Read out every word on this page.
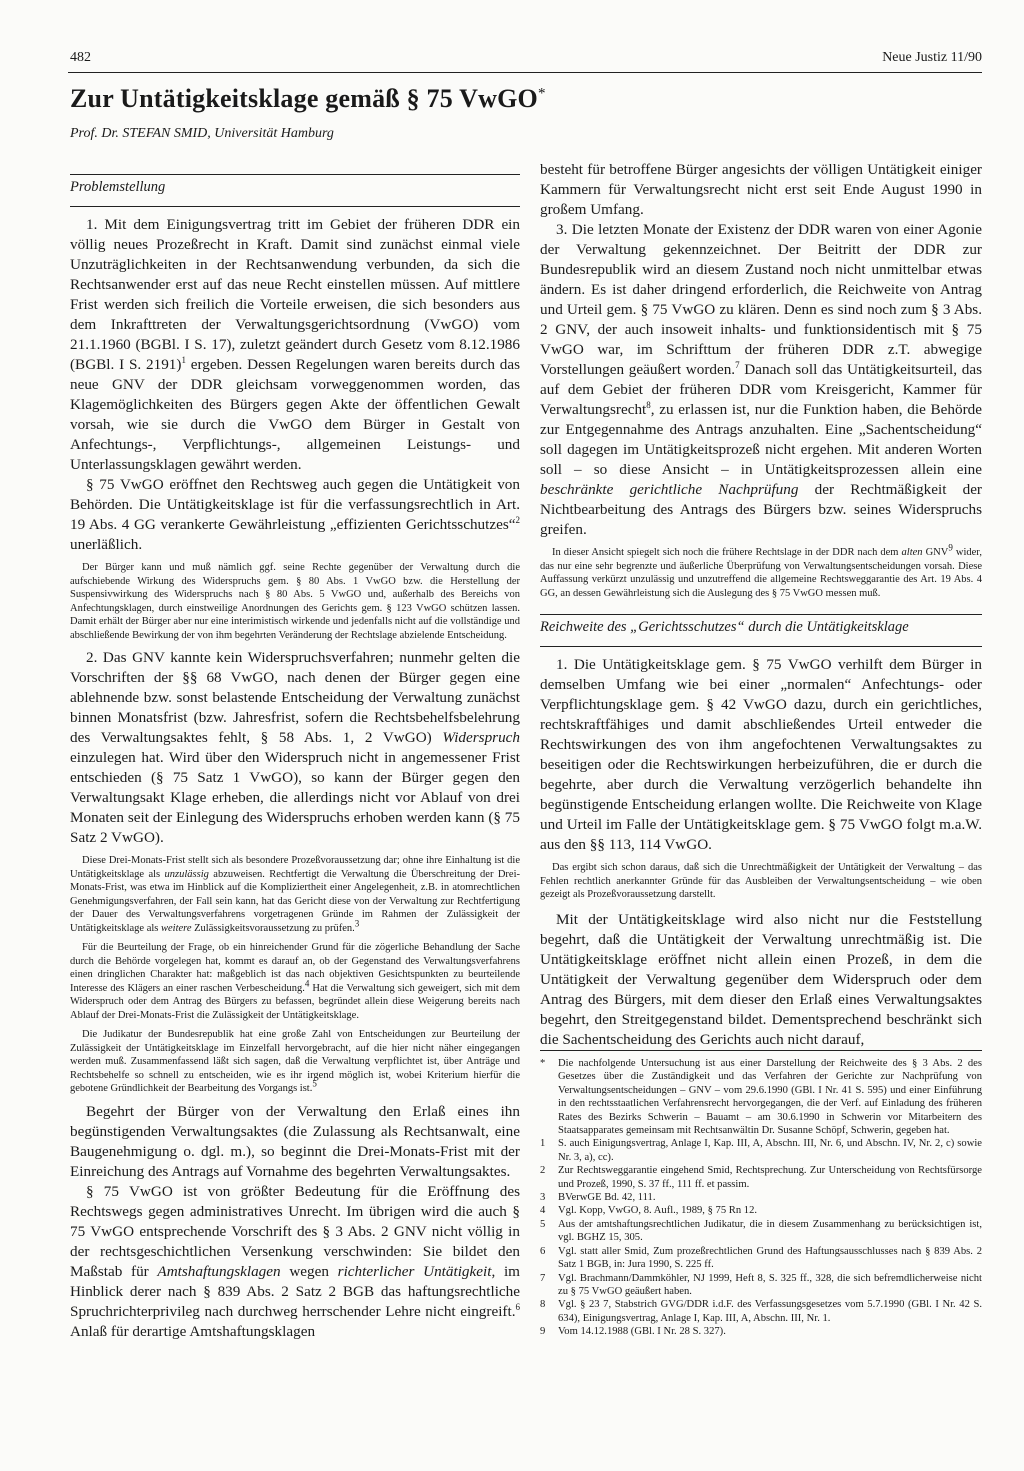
482	Neue Justiz 11/90
Zur Untätigkeitsklage gemäß § 75 VwGO*
Prof. Dr. STEFAN SMID, Universität Hamburg
Problemstellung

1. Mit dem Einigungsvertrag tritt im Gebiet der früheren DDR ein völlig neues Prozeßrecht in Kraft. Damit sind zunächst einmal viele Unzuträglichkeiten in der Rechtsanwendung verbunden, da sich die Rechtsanwender erst auf das neue Recht einstellen müssen. Auf mittlere Frist werden sich freilich die Vorteile erweisen, die sich besonders aus dem Inkrafttreten der Verwaltungsgerichtsordnung (VwGO) vom 21.1.1960 (BGBl. I S. 17), zuletzt geändert durch Gesetz vom 8.12.1986 (BGBl. I S. 2191)$^1$ ergeben. Dessen Regelungen waren bereits durch das neue GNV der DDR gleichsam vorweggenommen worden, das Klagemöglichkeiten des Bürgers gegen Akte der öffentlichen Gewalt vorsah, wie sie durch die VwGO dem Bürger in Gestalt von Anfechtungs-, Verpflichtungs-, allgemeinen Leistungs- und Unterlassungsklagen gewährt werden.

§ 75 VwGO eröffnet den Rechtsweg auch gegen die Untätigkeit von Behörden. Die Untätigkeitsklage ist für die verfassungsrechtlich in Art. 19 Abs. 4 GG verankerte Gewährleistung „effizienten Gerichtsschutzes“$^2$ unerläßlich.

Der Bürger kann und muß nämlich ggf. seine Rechte gegenüber der Verwaltung durch die aufschiebende Wirkung des Widerspruchs gem. § 80 Abs. 1 VwGO bzw. die Herstellung der Suspensivwirkung des Widerspruchs nach § 80 Abs. 5 VwGO und, außerhalb des Bereichs von Anfechtungsklagen, durch einstweilige Anordnungen des Gerichts gem. § 123 VwGO schützen lassen. Damit erhält der Bürger aber nur eine interimistisch wirkende und jedenfalls nicht auf die vollständige und abschließende Bewirkung der von ihm begehrten Veränderung der Rechtslage abzielende Entscheidung.

2. Das GNV kannte kein Widerspruchsverfahren; nunmehr gelten die Vorschriften der §§ 68 VwGO, nach denen der Bürger gegen eine ablehnende bzw. sonst belastende Entscheidung der Verwaltung zunächst binnen Monatsfrist (bzw. Jahresfrist, sofern die Rechtsbehelfsbelehrung des Verwaltungsaktes fehlt, § 58 Abs. 1, 2 VwGO) Widerspruch einzulegen hat. Wird über den Widerspruch nicht in angemessener Frist entschieden (§ 75 Satz 1 VwGO), so kann der Bürger gegen den Verwaltungsakt Klage erheben, die allerdings nicht vor Ablauf von drei Monaten seit der Einlegung des Widerspruchs erhoben werden kann (§ 75 Satz 2 VwGO).

Diese Drei-Monats-Frist stellt sich als besondere Prozeßvoraussetzung dar; ohne ihre Einhaltung ist die Untätigkeitsklage als unzulässig abzuweisen. Rechtfertigt die Verwaltung die Überschreitung der Drei-Monats-Frist, was etwa im Hinblick auf die Kompliziertheit einer Angelegenheit, z.B. in atomrechtlichen Genehmigungsverfahren, der Fall sein kann, hat das Gericht diese von der Verwaltung zur Rechtfertigung der Dauer des Verwaltungsverfahrens vorgetragenen Gründe im Rahmen der Zulässigkeit der Untätigkeitsklage als weitere Zulässigkeitsvoraussetzung zu prüfen.$^3$

Für die Beurteilung der Frage, ob ein hinreichender Grund für die zögerliche Behandlung der Sache durch die Behörde vorgelegen hat, kommt es darauf an, ob der Gegenstand des Verwaltungsverfahrens einen dringlichen Charakter hat: maßgeblich ist das nach objektiven Gesichtspunkten zu beurteilende Interesse des Klägers an einer raschen Verbescheidung.$^4$ Hat die Verwaltung sich geweigert, sich mit dem Widerspruch oder dem Antrag des Bürgers zu befassen, begründet allein diese Weigerung bereits nach Ablauf der Drei-Monats-Frist die Zulässigkeit der Untätigkeitsklage.

Die Judikatur der Bundesrepublik hat eine große Zahl von Entscheidungen zur Beurteilung der Zulässigkeit der Untätigkeitsklage im Einzelfall hervorgebracht, auf die hier nicht näher eingegangen werden muß. Zusammenfassend läßt sich sagen, daß die Verwaltung verpflichtet ist, über Anträge und Rechtsbehelfe so schnell zu entscheiden, wie es ihr irgend möglich ist, wobei Kriterium hierfür die gebotene Gründlichkeit der Bearbeitung des Vorgangs ist.$^5$

Begehrt der Bürger von der Verwaltung den Erlaß eines ihn begünstigenden Verwaltungsaktes (die Zulassung als Rechtsanwalt, eine Baugenehmigung o. dgl. m.), so beginnt die Drei-Monats-Frist mit der Einreichung des Antrags auf Vornahme des begehrten Verwaltungsaktes.

§ 75 VwGO ist von größter Bedeutung für die Eröffnung des Rechtswegs gegen administratives Unrecht. Im übrigen wird die auch § 75 VwGO entsprechende Vorschrift des § 3 Abs. 2 GNV nicht völlig in der rechtsgeschichtlichen Versenkung verschwinden: Sie bildet den Maßstab für Amtshaftungsklagen wegen richterlicher Untätigkeit, im Hinblick derer nach § 839 Abs. 2 Satz 2 BGB das haftungsrechtliche Spruchrichterprivileg nach durchweg herrschender Lehre nicht eingreift.$^6$ Anlaß für derartige Amtshaftungsklagen

besteht für betroffene Bürger angesichts der völligen Untätigkeit einiger Kammern für Verwaltungsrecht nicht erst seit Ende August 1990 in großem Umfang.

3. Die letzten Monate der Existenz der DDR waren von einer Agonie der Verwaltung gekennzeichnet. Der Beitritt der DDR zur Bundesrepublik wird an diesem Zustand noch nicht unmittelbar etwas ändern. Es ist daher dringend erforderlich, die Reichweite von Antrag und Urteil gem. § 75 VwGO zu klären. Denn es sind noch zum § 3 Abs. 2 GNV, der auch insoweit inhalts- und funktionsidentisch mit § 75 VwGO war, im Schrifttum der früheren DDR z.T. abwegige Vorstellungen geäußert worden.$^7$ Danach soll das Untätigkeitsurteil, das auf dem Gebiet der früheren DDR vom Kreisgericht, Kammer für Verwaltungsrecht$^8$, zu erlassen ist, nur die Funktion haben, die Behörde zur Entgegennahme des Antrags anzuhalten. Eine „Sachentscheidung“ soll dagegen im Untätigkeitsprozeß nicht ergehen. Mit anderen Worten soll – so diese Ansicht – in Untätigkeitsprozessen allein eine beschränkte gerichtliche Nachprüfung der Rechtmäßigkeit der Nichtbearbeitung des Antrags des Bürgers bzw. seines Widerspruchs greifen.

In dieser Ansicht spiegelt sich noch die frühere Rechtslage in der DDR nach dem alten GNV$^9$ wider, das nur eine sehr begrenzte und äußerliche Überprüfung von Verwaltungsentscheidungen vorsah. Diese Auffassung verkürzt unzulässig und unzutreffend die allgemeine Rechtsweggarantie des Art. 19 Abs. 4 GG, an dessen Gewährleistung sich die Auslegung des § 75 VwGO messen muß.

Reichweite des „Gerichtsschutzes“ durch die Untätigkeitsklage

1. Die Untätigkeitsklage gem. § 75 VwGO verhilft dem Bürger in demselben Umfang wie bei einer „normalen“ Anfechtungs- oder Verpflichtungsklage gem. § 42 VwGO dazu, durch ein gerichtliches, rechtskraftfähiges und damit abschließendes Urteil entweder die Rechtswirkungen des von ihm angefochtenen Verwaltungsaktes zu beseitigen oder die Rechtswirkungen herbeizuführen, die er durch die begehrte, aber durch die Verwaltung verzögerlich behandelte ihn begünstigende Entscheidung erlangen wollte. Die Reichweite von Klage und Urteil im Falle der Untätigkeitsklage gem. § 75 VwGO folgt m.a.W. aus den §§ 113, 114 VwGO.

Das ergibt sich schon daraus, daß sich die Unrechtmäßigkeit der Untätigkeit der Verwaltung – das Fehlen rechtlich anerkannter Gründe für das Ausbleiben der Verwaltungsentscheidung – wie oben gezeigt als Prozeßvoraussetzung darstellt.

Mit der Untätigkeitsklage wird also nicht nur die Feststellung begehrt, daß die Untätigkeit der Verwaltung unrechtmäßig ist. Die Untätigkeitsklage eröffnet nicht allein einen Prozeß, in dem die Untätigkeit der Verwaltung gegenüber dem Widerspruch oder dem Antrag des Bürgers, mit dem dieser den Erlaß eines Verwaltungsaktes begehrt, den Streitgegenstand bildet. Dementsprechend beschränkt sich die Sachentscheidung des Gerichts auch nicht darauf,

*	Die nachfolgende Untersuchung ist aus einer Darstellung der Reichweite des § 3 Abs. 2 des Gesetzes über die Zuständigkeit und das Verfahren der Gerichte zur Nachprüfung von Verwaltungsentscheidungen – GNV – vom 29.6.1990 (GBl. I Nr. 41 S. 595) und einer Einführung in den rechtsstaatlichen Verfahrensrecht hervorgegangen, die der Verf. auf Einladung des früheren Rates des Bezirks Schwerin – Bauamt – am 30.6.1990 in Schwerin vor Mitarbeitern des Staatsapparates gemeinsam mit Rechtsanwältin Dr. Susanne Schöpf, Schwerin, gegeben hat.
1	S. auch Einigungsvertrag, Anlage I, Kap. III, A, Abschn. III, Nr. 6, und Abschn. IV, Nr. 2, c) sowie Nr. 3, a), cc).
2	Zur Rechtsweggarantie eingehend Smid, Rechtsprechung. Zur Unterscheidung von Rechtsfürsorge und Prozeß, 1990, S. 37 ff., 111 ff. et passim.
3	BVerwGE Bd. 42, 111.
4	Vgl. Kopp, VwGO, 8. Aufl., 1989, § 75 Rn 12.
5	Aus der amtshaftungsrechtlichen Judikatur, die in diesem Zusammenhang zu berücksichtigen ist, vgl. BGHZ 15, 305.
6	Vgl. statt aller Smid, Zum prozeßrechtlichen Grund des Haftungsausschlusses nach § 839 Abs. 2 Satz 1 BGB, in: Jura 1990, S. 225 ff.
7	Vgl. Brachmann/Dammköhler, NJ 1999, Heft 8, S. 325 ff., 328, die sich befremdlicherweise nicht zu § 75 VwGO geäußert haben.
8	Vgl. § 23 7, Stabstrich GVG/DDR i.d.F. des Verfassungsgesetzes vom 5.7.1990 (GBl. I Nr. 42 S. 634), Einigungsvertrag, Anlage I, Kap. III, A, Abschn. III, Nr. 1.
9	Vom 14.12.1988 (GBl. I Nr. 28 S. 327).
